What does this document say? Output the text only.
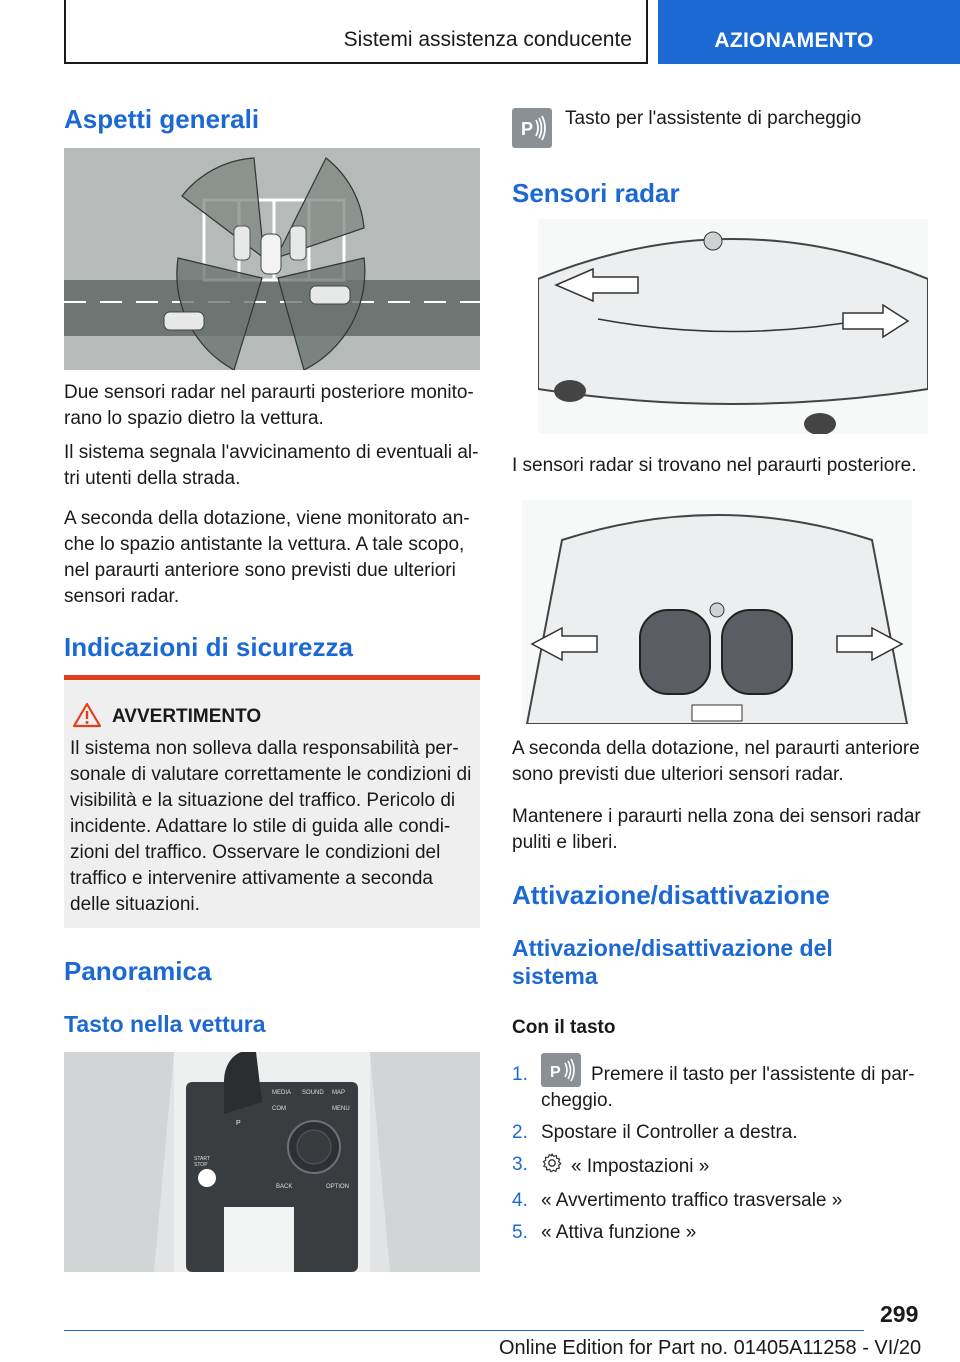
Sistemi assistenza conducente	AZIONAMENTO
Aspetti generali

Due sensori radar nel paraurti posteriore monito-rano lo spazio dietro la vettura.

Il sistema segnala l'avvicinamento di eventuali al-tri utenti della strada.

A seconda della dotazione, viene monitorato an-che lo spazio antistante la vettura. A tale scopo, nel paraurti anteriore sono previsti due ulteriori sensori radar.

Indicazioni di sicurezza
AVVERTIMENTO

Il sistema non solleva dalla responsabilità per-sonale di valutare correttamente le condizioni di visibilità e la situazione del traffico. Pericolo di incidente. Adattare lo stile di guida alle condi-zioni del traffico. Osservare le condizioni del traffico e intervenire attivamente a seconda delle situazioni.

Panoramica
Tasto nella vettura
MEDIA SOUND MAP
COM	MENU
BACK	OPTION
START STOP
P
P Tasto per l'assistente di parcheggio

Sensori radar

I sensori radar si trovano nel paraurti posteriore.

A seconda della dotazione, nel paraurti anteriore sono previsti due ulteriori sensori radar.

Mantenere i paraurti nella zona dei sensori radar puliti e liberi.

Attivazione/disattivazione
Attivazione/disattivazione del sistema

Con il tasto

1. P Premere il tasto per l'assistente di par-cheggio.
2. Spostare il Controller a destra.
3. « Impostazioni »
4. « Avvertimento traffico trasversale »
5. « Attiva funzione »
299
Online Edition for Part no. 01405A11258 - VI/20
